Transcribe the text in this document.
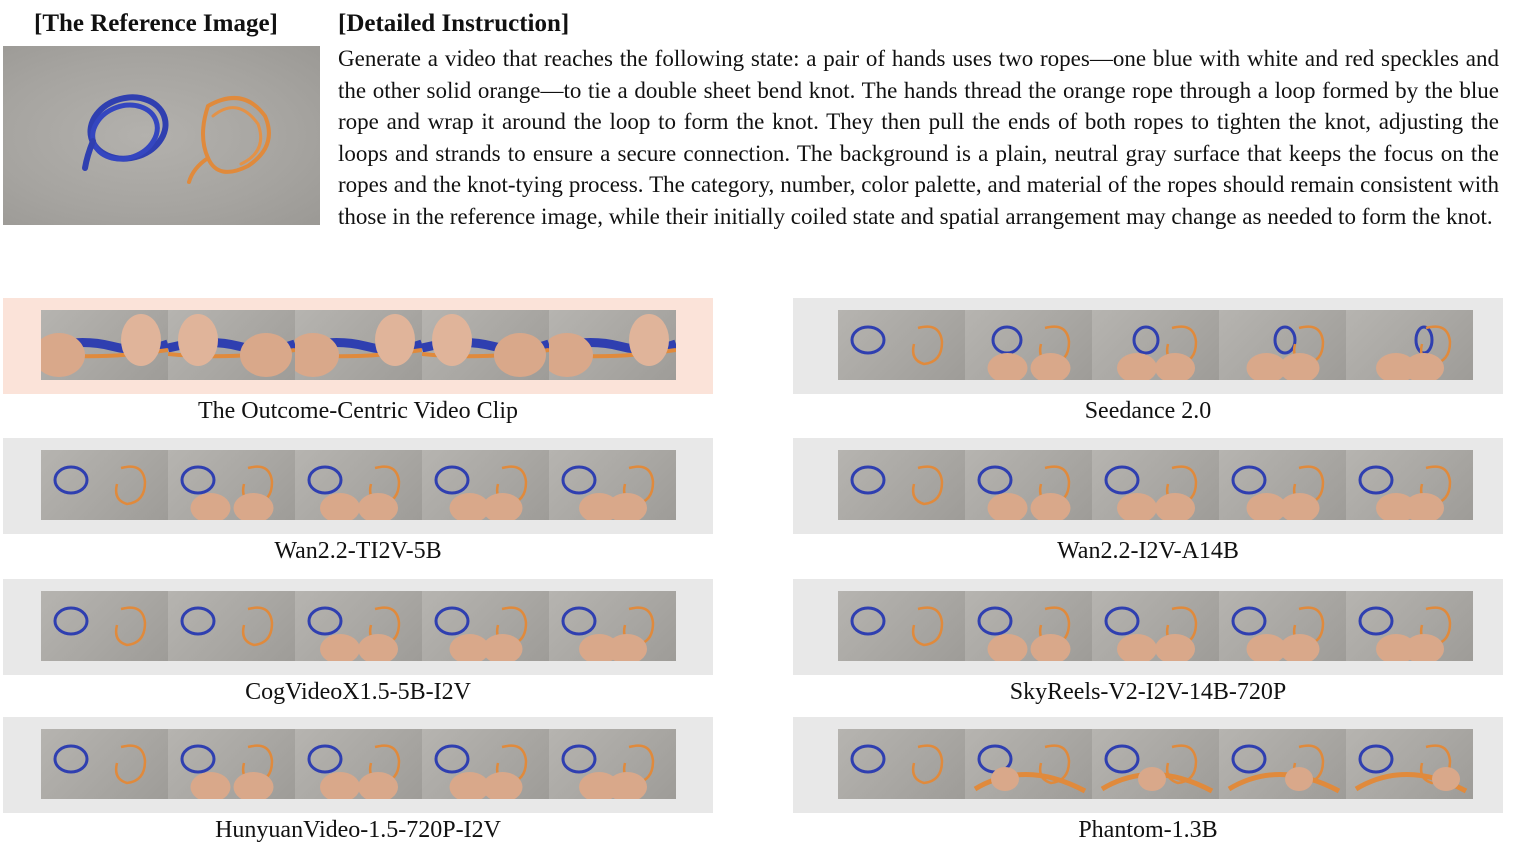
[The Reference Image] [Detailed Instruction]
Generate a video that reaches the following state: a pair of hands uses two ropes—one blue with white and red speckles and the other solid orange—to tie a double sheet bend knot. The hands thread the orange rope through a loop formed by the blue rope and wrap it around the loop to form the knot. They then pull the ends of both ropes to tighten the knot, adjusting the loops and strands to ensure a secure connection. The background is a plain, neutral gray surface that keeps the focus on the ropes and the knot-tying process. The category, number, color palette, and material of the ropes should remain consistent with those in the reference image, while their initially coiled state and spatial arrangement may change as needed to form the knot.
The Outcome-Centric Video Clip	Seedance 2.0
Wan2.2-TI2V-5B	Wan2.2-I2V-A14B
CogVideoX1.5-5B-I2V	SkyReels-V2-I2V-14B-720P
HunyuanVideo-1.5-720P-I2V	Phantom-1.3B
